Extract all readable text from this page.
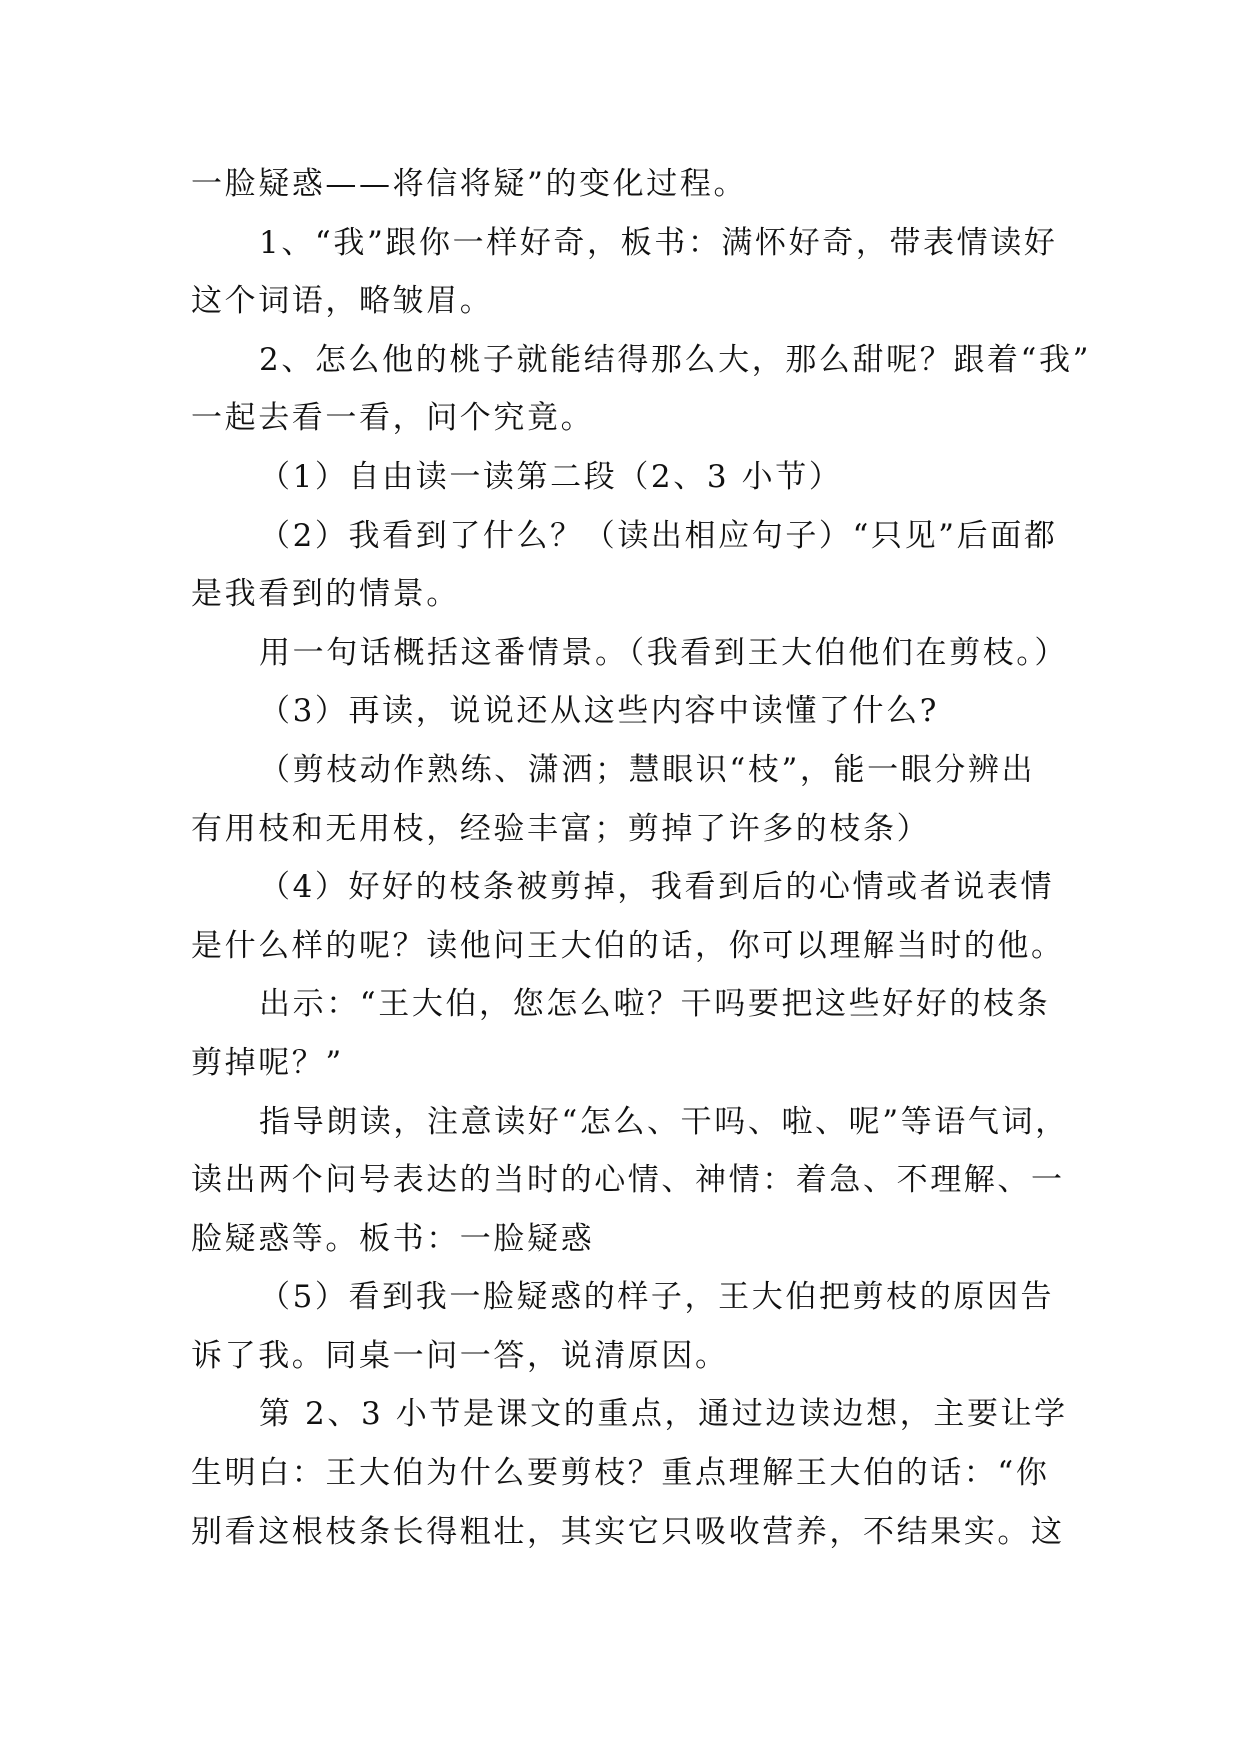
一脸疑惑——将信将疑”的变化过程。
1、“我”跟你一样好奇，板书：满怀好奇，带表情读好
这个词语，略皱眉。
2、怎么他的桃子就能结得那么大，那么甜呢？跟着“我”
一起去看一看，问个究竟。
（1）自由读一读第二段（2、3 小节）
（2）我看到了什么？（读出相应句子）“只见”后面都
是我看到的情景。
用一句话概括这番情景。（我看到王大伯他们在剪枝。）
（3）再读，说说还从这些内容中读懂了什么?
（剪枝动作熟练、潇洒；慧眼识“枝”，能一眼分辨出
有用枝和无用枝，经验丰富；剪掉了许多的枝条）
（4）好好的枝条被剪掉，我看到后的心情或者说表情
是什么样的呢？读他问王大伯的话，你可以理解当时的他。
出示：“王大伯，您怎么啦？干吗要把这些好好的枝条
剪掉呢？”
指导朗读，注意读好“怎么、干吗、啦、呢”等语气词，
读出两个问号表达的当时的心情、神情：着急、不理解、一
脸疑惑等。板书：一脸疑惑
（5）看到我一脸疑惑的样子，王大伯把剪枝的原因告
诉了我。同桌一问一答，说清原因。
第 2、3 小节是课文的重点，通过边读边想，主要让学
生明白：王大伯为什么要剪枝？重点理解王大伯的话：“你
别看这根枝条长得粗壮，其实它只吸收营养，不结果实。这
